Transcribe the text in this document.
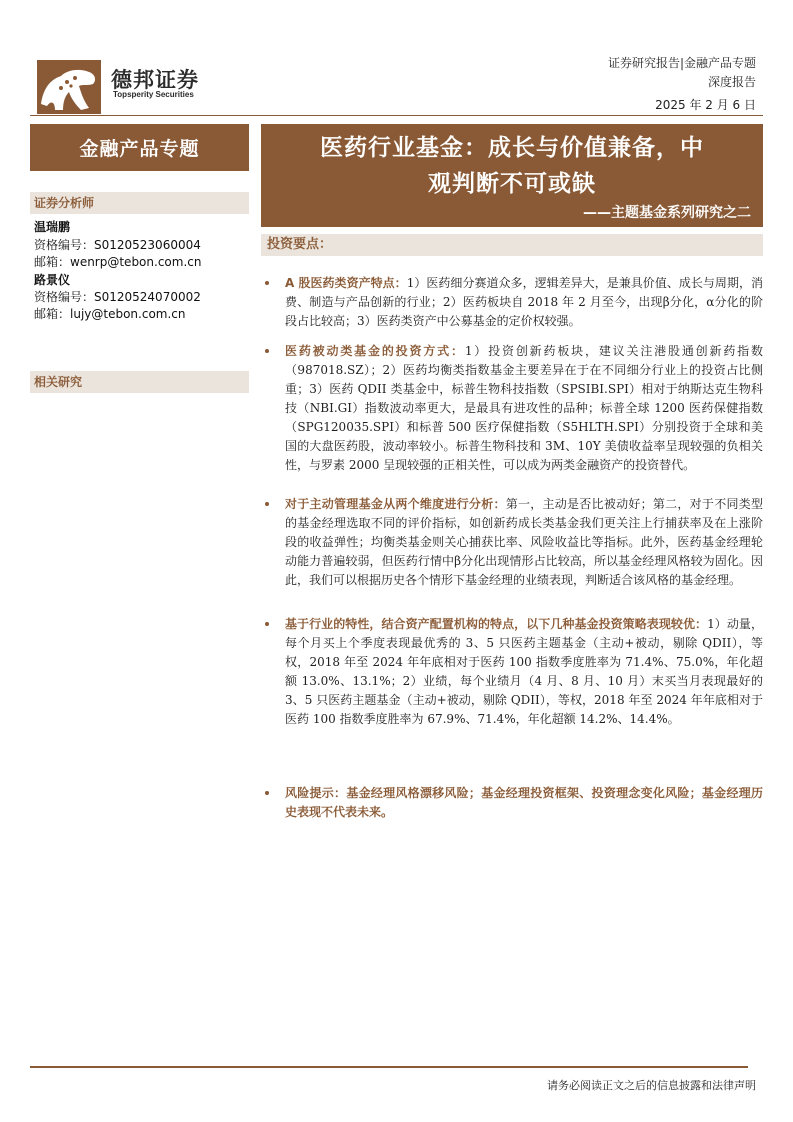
德邦证券
Topsperity Securities
证券研究报告|金融产品专题
深度报告
2025 年 2 月 6 日
金融产品专题	医药行业基金：成长与价值兼备，中
观判断不可或缺
——主题基金系列研究之二
证券分析师
温瑞鹏
资格编号：S0120523060004
邮箱：wenrp@tebon.com.cn
路景仪
资格编号：S0120524070002
邮箱：lujy@tebon.com.cn
相关研究
投资要点：
A 股医药类资产特点：1）医药细分赛道众多，逻辑差异大，是兼具价值、成长与周期，消费、制造与产品创新的行业；2）医药板块自 2018 年 2 月至今，出现β分化，α分化的阶段占比较高；3）医药类资产中公募基金的定价权较强。
医药被动类基金的投资方式：1）投资创新药板块，建议关注港股通创新药指数（987018.SZ）；2）医药均衡类指数基金主要差异在于在不同细分行业上的投资占比侧重；3）医药 QDII 类基金中，标普生物科技指数（SPSIBI.SPI）相对于纳斯达克生物科技（NBI.GI）指数波动率更大，是最具有进攻性的品种；标普全球 1200 医药保健指数（SPG120035.SPI）和标普 500 医疗保健指数（S5HLTH.SPI）分别投资于全球和美国的大盘医药股，波动率较小。标普生物科技和 3M、10Y 美债收益率呈现较强的负相关性，与罗素 2000 呈现较强的正相关性，可以成为两类金融资产的投资替代。
对于主动管理基金从两个维度进行分析：第一，主动是否比被动好；第二，对于不同类型的基金经理选取不同的评价指标，如创新药成长类基金我们更关注上行捕获率及在上涨阶段的收益弹性；均衡类基金则关心捕获比率、风险收益比等指标。此外，医药基金经理轮动能力普遍较弱，但医药行情中β分化出现情形占比较高，所以基金经理风格较为固化。因此，我们可以根据历史各个情形下基金经理的业绩表现，判断适合该风格的基金经理。
基于行业的特性，结合资产配置机构的特点，以下几种基金投资策略表现较优：1）动量，每个月买上个季度表现最优秀的 3、5 只医药主题基金（主动+被动，剔除 QDII），等权，2018 年至 2024 年年底相对于医药 100 指数季度胜率为 71.4%、75.0%，年化超额 13.0%、13.1%；2）业绩，每个业绩月（4 月、8 月、10 月）末买当月表现最好的 3、5 只医药主题基金（主动+被动，剔除 QDII），等权，2018 年至 2024 年年底相对于医药 100 指数季度胜率为 67.9%、71.4%，年化超额 14.2%、14.4%。
风险提示：基金经理风格漂移风险；基金经理投资框架、投资理念变化风险；基金经理历史表现不代表未来。
请务必阅读正文之后的信息披露和法律声明
